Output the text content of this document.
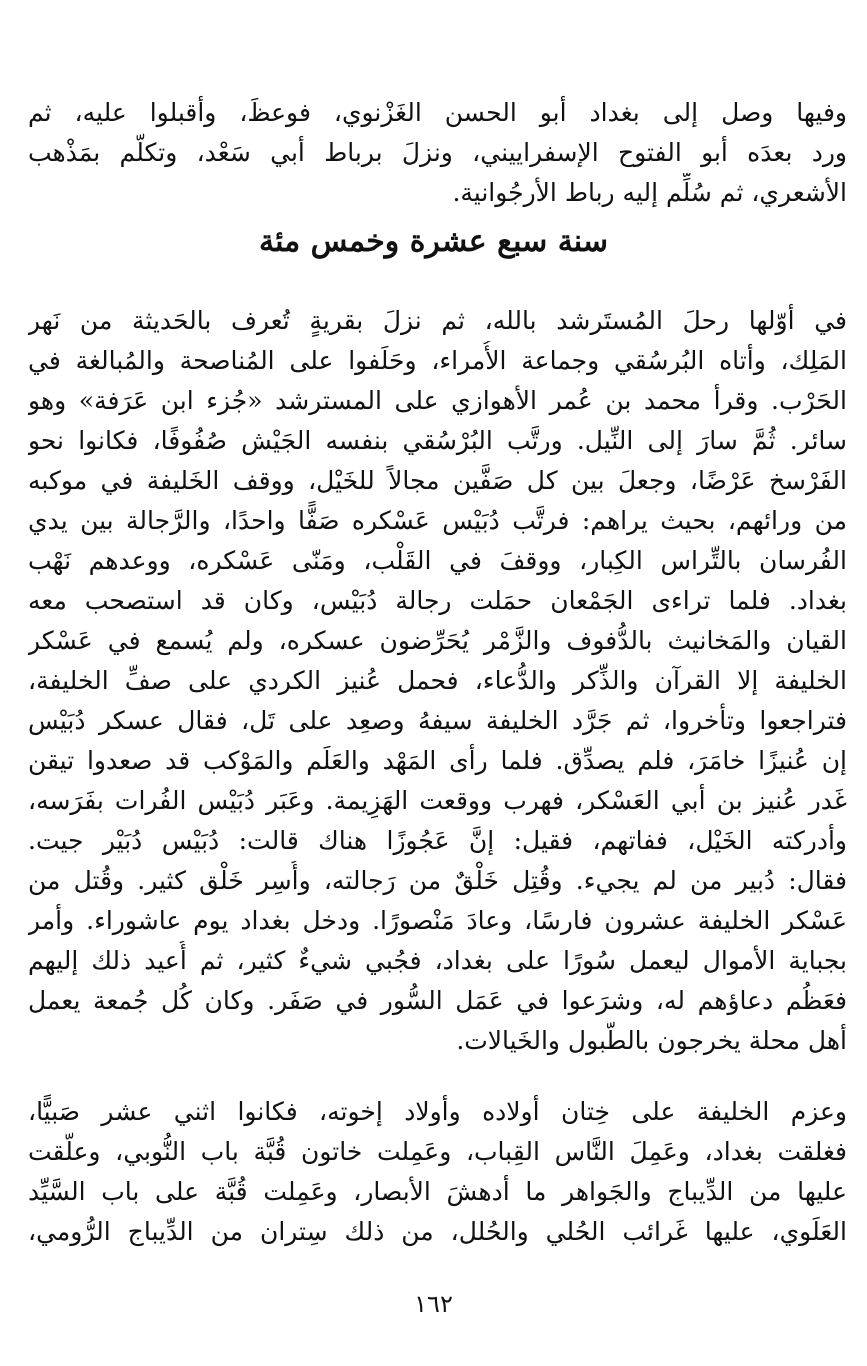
وفيها وصل إلى بغداد أبو الحسن الغَزْنوي، فوعظَ، وأقبلوا عليه، ثم
ورد بعدَه أبو الفتوح الإسفراييني، ونزلَ برباط أبي سَعْد، وتكلّم بمَذْهب
الأشعري، ثم سُلِّم إليه رباط الأرجُوانية.
سنة سبع عشرة وخمس مئة
في أوّلها رحلَ المُستَرشد بالله، ثم نزلَ بقريةٍ تُعرف بالحَديثة من نَهر
المَلِك، وأتاه البُرسُقي وجماعة الأُمراء، وحَلَفوا على المُناصحة والمُبالغة في
الحَرْب. وقرأ محمد بن عُمر الأهوازي على المسترشد «جُزء ابن عَرَفة» وهو
سائر. ثُمَّ سارَ إلى النِّيل. ورتَّب البُرْسُقي بنفسه الجَيْش صُفُوفًا، فكانوا نحو
الفَرْسخ عَرْضًا، وجعلَ بين كل صَفَّين مجالاً للخَيْل، ووقف الخَليفة في موكبه
من ورائهم، بحيث يراهم: فرتَّب دُبَيْس عَسْكره صَفًّا واحدًا، والرَّجالة بين يدي
الفُرسان بالتِّراس الكِبار، ووقفَ في القَلْب، ومَنّى عَسْكره، ووعدهم نَهْب
بغداد. فلما تراءى الجَمْعان حمَلت رجالة دُبَيْس، وكان قد استصحب معه
القيان والمَخانيث بالدُّفوف والزَّمْر يُحَرِّضون عسكره، ولم يُسمع في عَسْكر
الخليفة إلا القرآن والذِّكر والدُّعاء، فحمل عُنيز الكردي على صفِّ الخليفة،
فتراجعوا وتأخروا، ثم جَرَّد الخليفة سيفهُ وصعِد على تَل، فقال عسكر دُبَيْس
إن عُنيزًا خامَرَ، فلم يصدِّق. فلما رأى المَهْد والعَلَم والمَوْكب قد صعدوا تيقن
غَدر عُنيز بن أبي العَسْكر، فهرب ووقعت الهَزِيمة. وعَبَر دُبَيْس الفُرات بفَرَسه،
وأدركته الخَيْل، ففاتهم، فقيل: إنَّ عَجُوزًا هناك قالت: دُبَيْس دُبَيْر جيت.
فقال: دُبير من لم يجيء. وقُتِل خَلْقٌ من رَجالته، وأُسِر خَلْق كثير. وقُتل من
عَسْكر الخليفة عشرون فارسًا، وعادَ مَنْصورًا. ودخل بغداد يوم عاشوراء. وأمر
بجباية الأموال ليعمل سُورًا على بغداد، فجُبي شيءٌ كثير، ثم أُعيد ذلك إليهم
فعَظُم دعاؤهم له، وشرَعوا في عَمَل السُّور في صَفَر. وكان كُل جُمعة يعمل
أهل محلة يخرجون بالطُّبول والخَيالات.
وعزم الخليفة على خِتان أولاده وأولاد إخوته، فكانوا اثني عشر صَبيًّا،
فغلقت بغداد، وعَمِلَ النَّاس القِباب، وعَمِلت خاتون قُبَّة باب النُّوبي، وعلَّقت
عليها من الدِّيباج والجَواهر ما أدهشَ الأبصار، وعَمِلت قُبَّة على باب السَّيِّد
العَلَوي، عليها غَرائب الحُلي والحُلل، من ذلك سِتران من الدِّيباج الرُّومي،
١٦٢
